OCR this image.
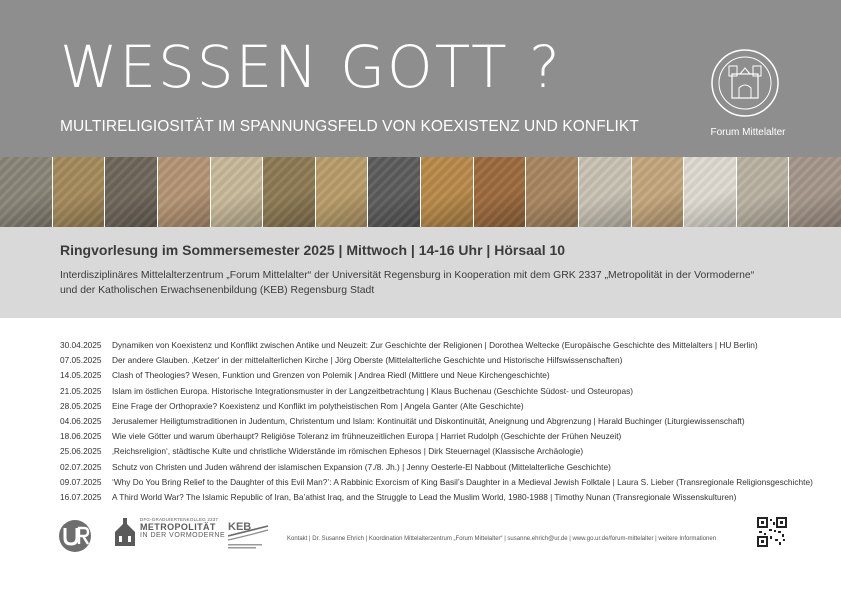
WESSEN GOTT ?
MULTIRELIGIOSITÄT IM SPANNUNGSFELD VON KOEXISTENZ UND KONFLIKT	Forum Mittelalter
Ringvorlesung im Sommersemester 2025 | Mittwoch | 14-16 Uhr | Hörsaal 10
Interdisziplinäres Mittelalterzentrum „Forum Mittelalter“ der Universität Regensburg in Kooperation mit dem GRK 2337 „Metropolität in der Vormoderne“
und der Katholischen Erwachsenenbildung (KEB) Regensburg Stadt
30.04.2025	Dynamiken von Koexistenz und Konflikt zwischen Antike und Neuzeit: Zur Geschichte der Religionen | Dorothea Weltecke (Europäische Geschichte des Mittelalters | HU Berlin)
07.05.2025	Der andere Glauben. ‚Ketzer‘ in der mittelalterlichen Kirche | Jörg Oberste (Mittelalterliche Geschichte und Historische Hilfswissenschaften)
14.05.2025	Clash of Theologies? Wesen, Funktion und Grenzen von Polemik | Andrea Riedl (Mittlere und Neue Kirchengeschichte)
21.05.2025	Islam im östlichen Europa. Historische Integrationsmuster in der Langzeitbetrachtung | Klaus Buchenau (Geschichte Südost- und Osteuropas)
28.05.2025	Eine Frage der Orthopraxie? Koexistenz und Konflikt im polytheistischen Rom | Angela Ganter (Alte Geschichte)
04.06.2025	Jerusalemer Heiligtumstraditionen in Judentum, Christentum und Islam: Kontinuität und Diskontinuität, Aneignung und Abgrenzung | Harald Buchinger (Liturgiewissenschaft)
18.06.2025	Wie viele Götter und warum überhaupt? Religiöse Toleranz im frühneuzeitlichen Europa | Harriet Rudolph (Geschichte der Frühen Neuzeit)
25.06.2025	‚Reichsreligion‘, städtische Kulte und christliche Widerstände im römischen Ephesos | Dirk Steuernagel (Klassische Archäologie)
02.07.2025	Schutz von Christen und Juden während der islamischen Expansion (7./8. Jh.) | Jenny Oesterle-El Nabbout (Mittelalterliche Geschichte)
09.07.2025	‘Why Do You Bring Relief to the Daughter of this Evil Man?’: A Rabbinic Exorcism of King Basil’s Daughter in a Medieval Jewish Folktale | Laura S. Lieber (Transregionale Religionsgeschichte)
16.07.2025	A Third World War? The Islamic Republic of Iran, Ba’athist Iraq, and the Struggle to Lead the Muslim World, 1980-1988 | Timothy Nunan (Transregionale Wissenskulturen)
DFG-GRADUIERTENKOLLEG 2337
METROPOLITÄT
IN DER VORMODERNE
KEB
Kontakt | Dr. Susanne Ehrich | Koordination Mittelalterzentrum „Forum Mittelalter“ | susanne.ehrich@ur.de | www.go.ur.de/forum-mittelalter | weitere Informationen
